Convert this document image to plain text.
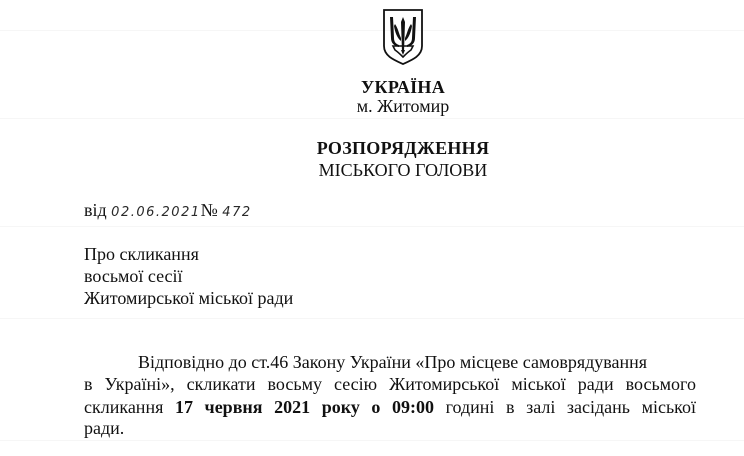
УКРАЇНА
м. Житомир
РОЗПОРЯДЖЕННЯ
МІСЬКОГО ГОЛОВИ
від 02.06.2021№ 472
Про скликання
восьмої сесії
Житомирської міської ради
Відповідно до ст.46 Закону України «Про місцеве самоврядування
в Україні», скликати восьму сесію Житомирської міської ради восьмого
скликання 17 червня 2021 року о 09:00 годині в залі засідань міської
ради.
